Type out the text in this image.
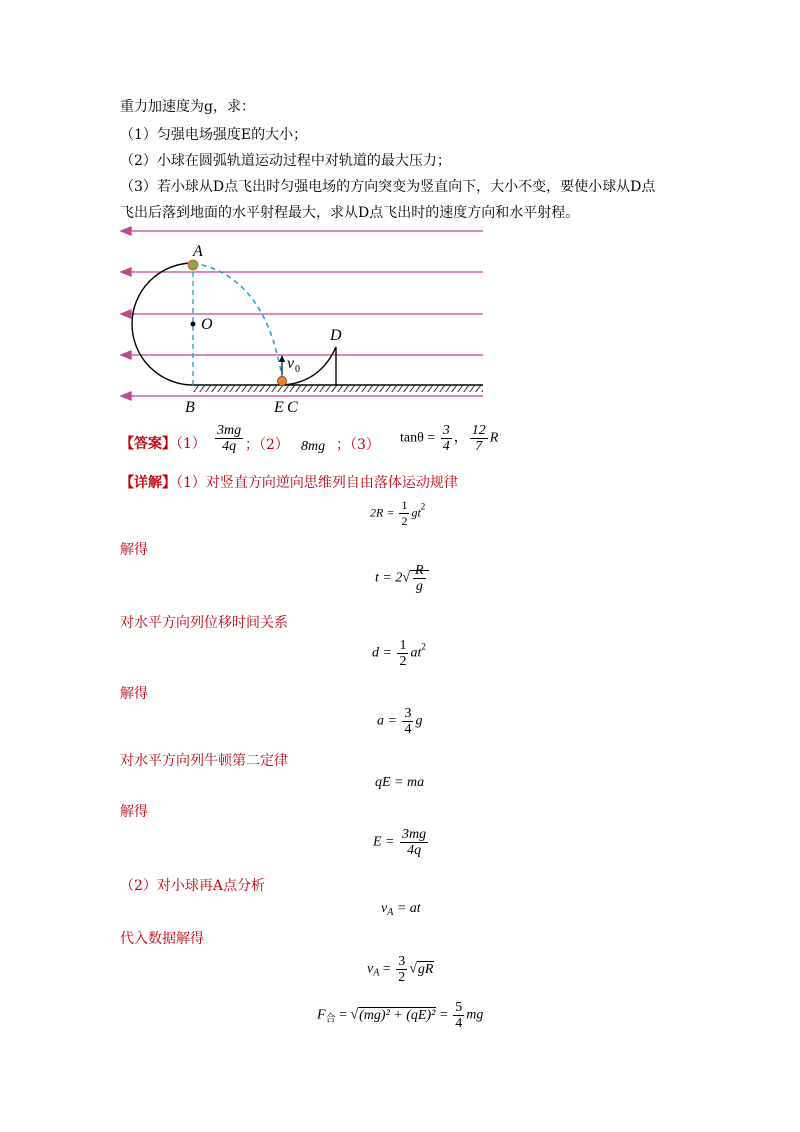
重力加速度为g，求：
（1）匀强电场强度E的大小；
（2）小球在圆弧轨道运动过程中对轨道的最大压力；
（3）若小球从D点飞出时匀强电场的方向突变为竖直向下，大小不变，要使小球从D点
飞出后落到地面的水平射程最大，求从D点飞出时的速度方向和水平射程。
A
O
B	E C
D
v 0
【答案】$(1) \frac{3mg}{4q}$ ；（2） 8mg ；（3） $\tan\theta = \frac{3}{4}$ ， $\frac{12}{7}$ R
【详解】（1）对竖直方向逆向思维列自由落体运动规律
$2R = \frac{1}{2} gt^2$
解得
$t = 2√ \frac{R}{g}$
对水平方向列位移时间关系
$d = \frac{1}{2} at^2$
解得
$a = \frac{3}{4}$ g
对水平方向列牛顿第二定律
qE = ma
解得
$E = \frac{3mg}{4q}$
（2）对小球再A点分析
$v_A$ = at
代入数据解得
$v_A = \frac{3}{2} √gR$
$F_合 = √(mg)^2 + (qE)^2 = \frac{5}{4}$ mg
